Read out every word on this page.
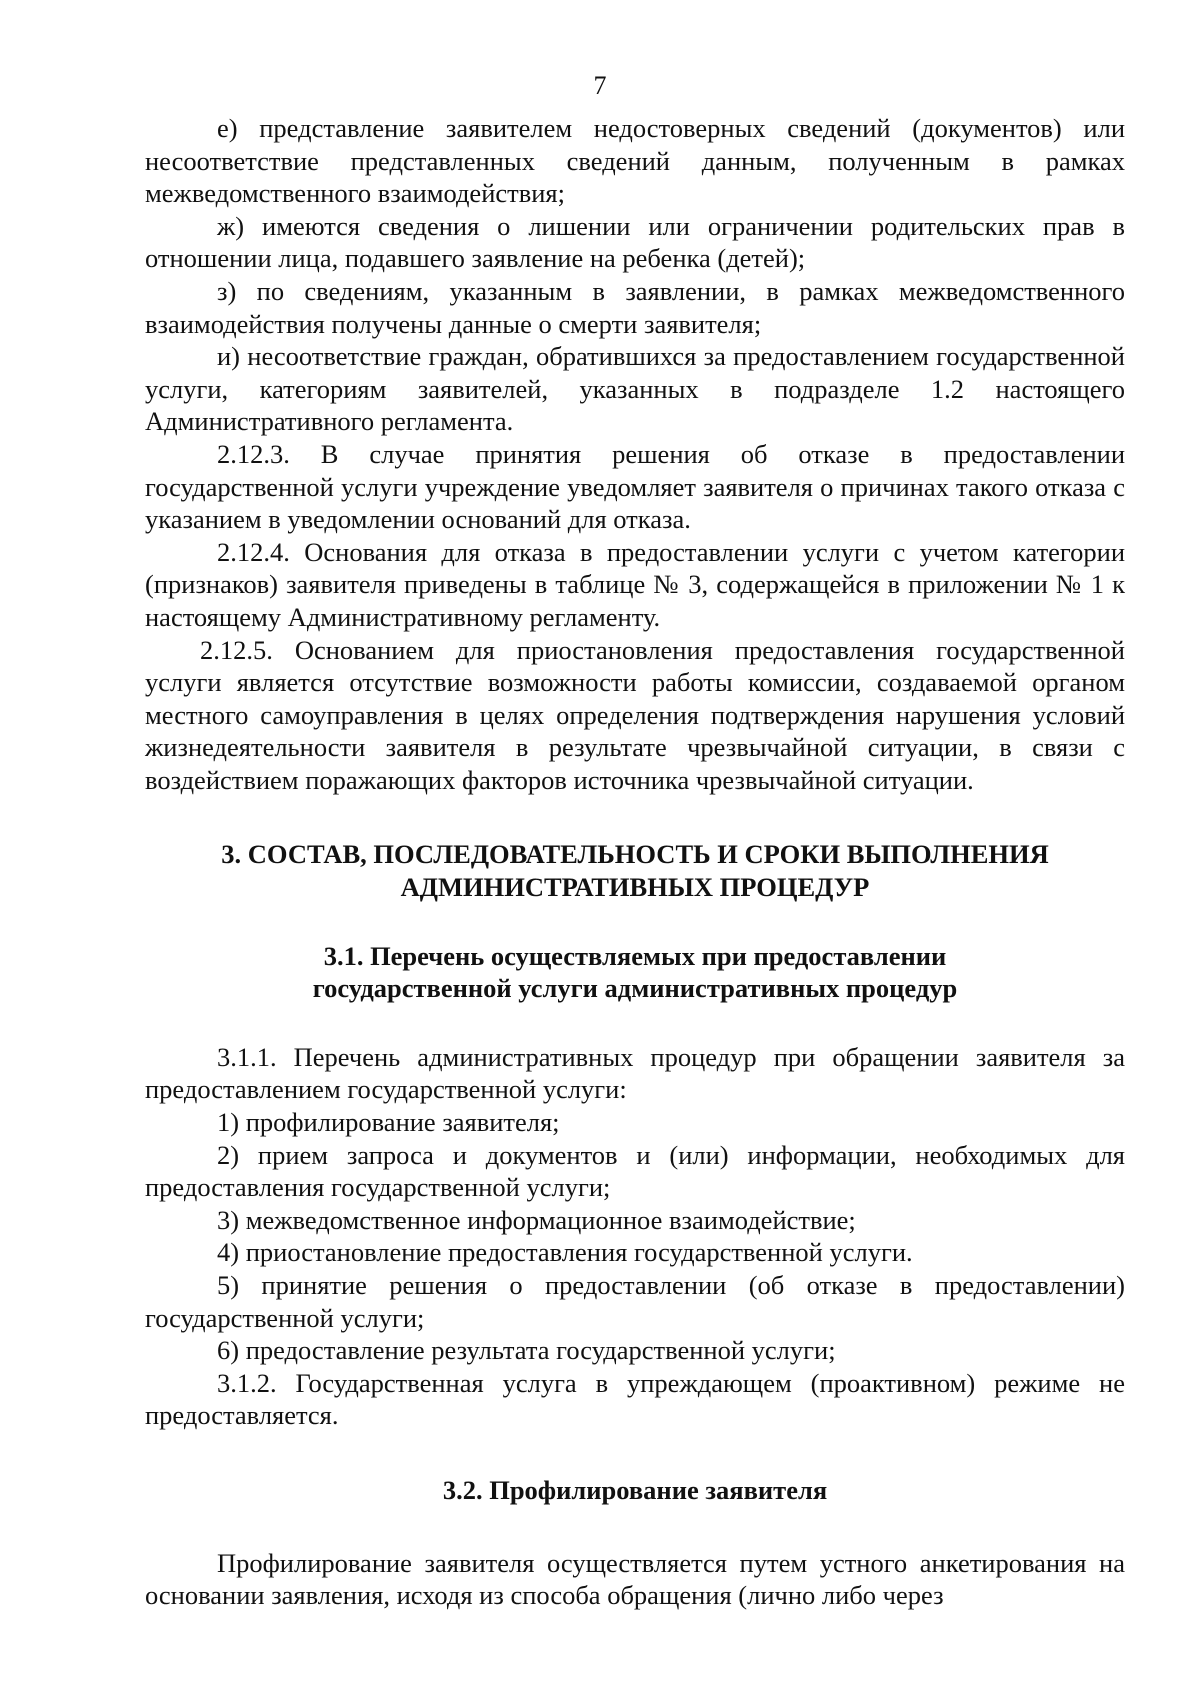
7

е) представление заявителем недостоверных сведений (документов) или несоответствие представленных сведений данным, полученным в рамках межведомственного взаимодействия;

ж) имеются сведения о лишении или ограничении родительских прав в отношении лица, подавшего заявление на ребенка (детей);

з) по сведениям, указанным в заявлении, в рамках межведомственного взаимодействия получены данные о смерти заявителя;

и) несоответствие граждан, обратившихся за предоставлением государственной услуги, категориям заявителей, указанных в подразделе 1.2 настоящего Административного регламента.

2.12.3. В случае принятия решения об отказе в предоставлении государственной услуги учреждение уведомляет заявителя о причинах такого отказа с указанием в уведомлении оснований для отказа.

2.12.4. Основания для отказа в предоставлении услуги с учетом категории (признаков) заявителя приведены в таблице № 3, содержащейся в приложении № 1 к настоящему Административному регламенту.

2.12.5. Основанием для приостановления предоставления государственной услуги является отсутствие возможности работы комиссии, создаваемой органом местного самоуправления в целях определения подтверждения нарушения условий жизнедеятельности заявителя в результате чрезвычайной ситуации, в связи с воздействием поражающих факторов источника чрезвычайной ситуации.

3. СОСТАВ, ПОСЛЕДОВАТЕЛЬНОСТЬ И СРОКИ ВЫПОЛНЕНИЯ
АДМИНИСТРАТИВНЫХ ПРОЦЕДУР
3.1. Перечень осуществляемых при предоставлении
государственной услуги административных процедур

3.1.1. Перечень административных процедур при обращении заявителя за предоставлением государственной услуги:

1) профилирование заявителя;

2) прием запроса и документов и (или) информации, необходимых для предоставления государственной услуги;

3) межведомственное информационное взаимодействие;

4) приостановление предоставления государственной услуги.

5) принятие решения о предоставлении (об отказе в предоставлении) государственной услуги;

6) предоставление результата государственной услуги;

3.1.2. Государственная услуга в упреждающем (проактивном) режиме не предоставляется.

3.2. Профилирование заявителя

Профилирование заявителя осуществляется путем устного анкетирования на основании заявления, исходя из способа обращения (лично либо через
